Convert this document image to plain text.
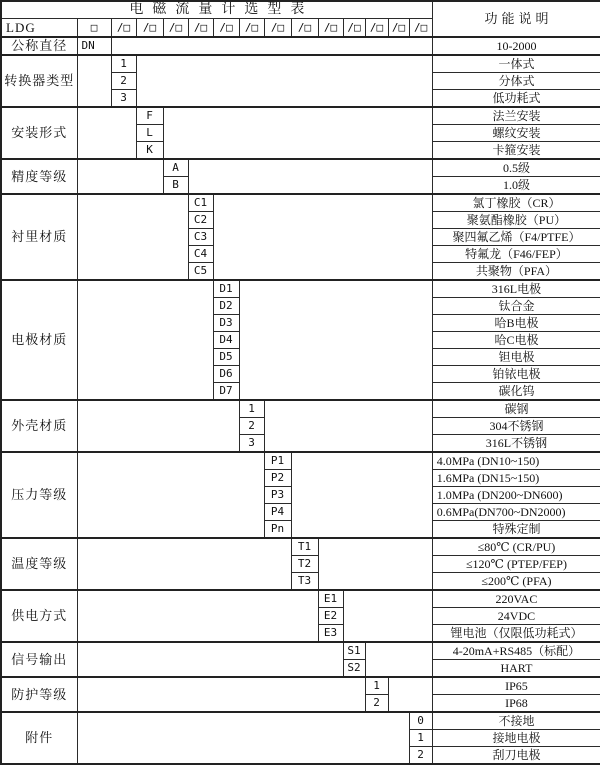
电磁流量计选型表															功能说明
LDG	□	/□	/□	/□	/□	/□	/□	/□	/□	/□	/□	/□	/□	/□	
公称直径	DN														10-2000
转换器类型		1													一体式
		2													分体式
		3													低功耗式
安装形式			F												法兰安装
			L												螺纹安装
			K												卡箍安装
精度等级				A											0.5级
				B											1.0级
衬里材质					C1										氯丁橡胶（CR）
					C2										聚氨酯橡胶（PU）
					C3										聚四氟乙烯（F4/PTFE）
					C4										特氟龙（F46/FEP）
					C5										共聚物（PFA）
电极材质						D1									316L电极
						D2									钛合金
						D3									哈B电极
						D4									哈C电极
						D5									钽电极
						D6									铂铱电极
						D7									碳化钨
外壳材质							1								碳钢
							2								304不锈钢
							3								316L不锈钢
压力等级								P1							4.0MPa (DN10~150)
								P2							1.6MPa (DN15~150)
								P3							1.0MPa (DN200~DN600)
								P4							0.6MPa(DN700~DN2000)
								Pn							特殊定制
温度等级									T1						≤80℃ (CR/PU)
									T2						≤120℃ (PTEP/FEP)
									T3						≤200℃ (PFA)
供电方式										E1					220VAC
										E2					24VDC
										E3					锂电池（仅限低功耗式）
信号输出											S1				4-20mA+RS485（标配）
											S2				HART
防护等级												1			IP65
												2			IP68
附件														0	不接地
														1	接地电极
														2	刮刀电极
